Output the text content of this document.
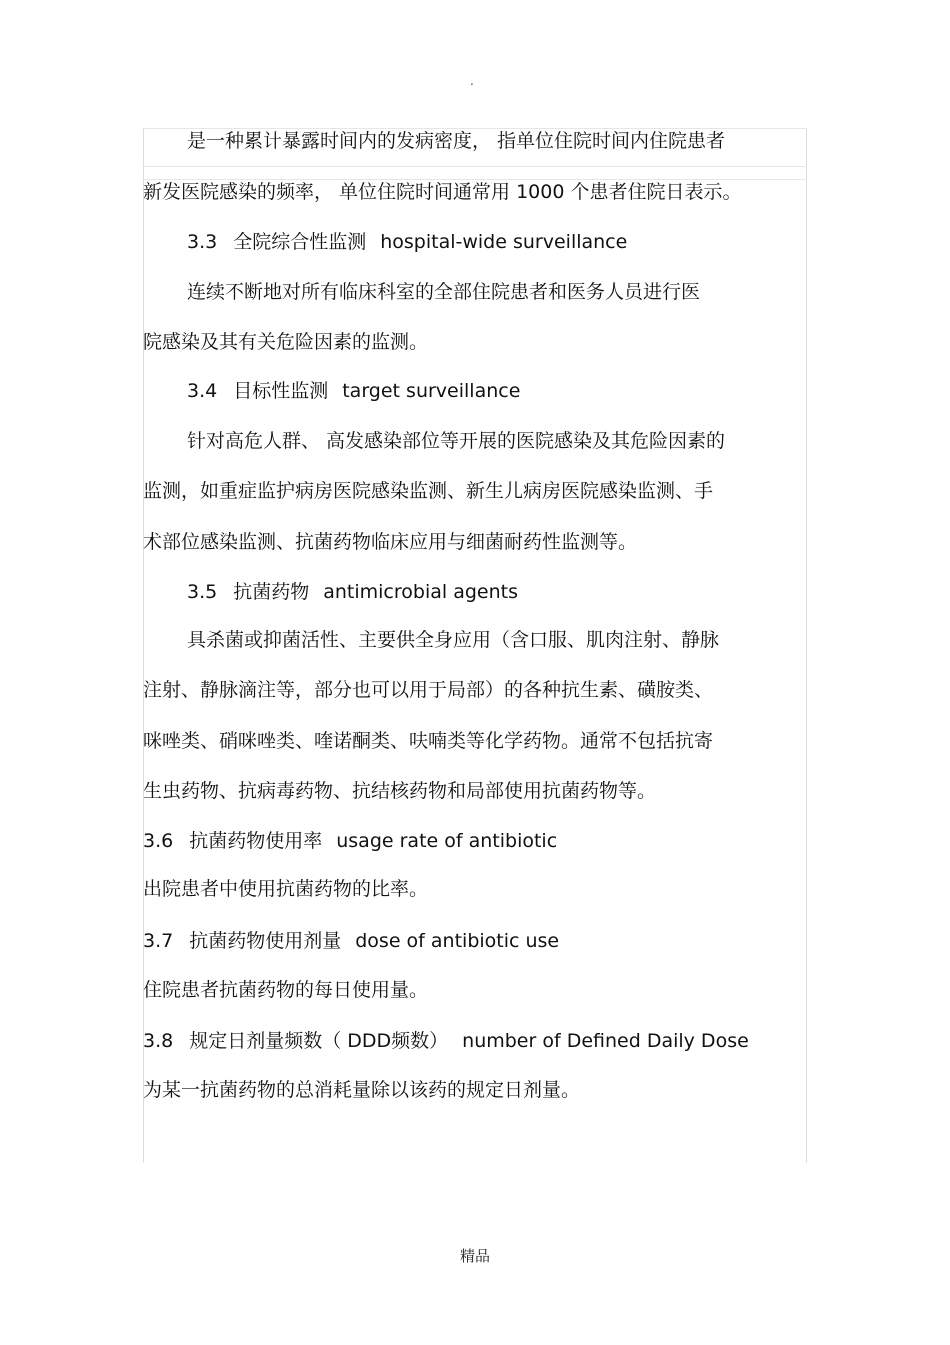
.
是一种累计暴露时间内的发病密度， 指单位住院时间内住院患者
新发医院感染的频率， 单位住院时间通常用 1000 个患者住院日表示。
3.3 全院综合性监测 hospital-wide surveillance
连续不断地对所有临床科室的全部住院患者和医务人员进行医
院感染及其有关危险因素的监测。
3.4 目标性监测 target surveillance
针对高危人群、 高发感染部位等开展的医院感染及其危险因素的
监测，如重症监护病房医院感染监测、新生儿病房医院感染监测、手
术部位感染监测、抗菌药物临床应用与细菌耐药性监测等。
3.5 抗菌药物 antimicrobial agents
具杀菌或抑菌活性、主要供全身应用（含口服、肌肉注射、静脉
注射、静脉滴注等，部分也可以用于局部）的各种抗生素、磺胺类、
咪唑类、硝咪唑类、喹诺酮类、呋喃类等化学药物。通常不包括抗寄
生虫药物、抗病毒药物、抗结核药物和局部使用抗菌药物等。
3.6 抗菌药物使用率 usage rate of antibiotic
出院患者中使用抗菌药物的比率。
3.7 抗菌药物使用剂量 dose of antibiotic use
住院患者抗菌药物的每日使用量。
3.8 规定日剂量频数（ DDD频数） number of Defined Daily Dose
为某一抗菌药物的总消耗量除以该药的规定日剂量。
精品
